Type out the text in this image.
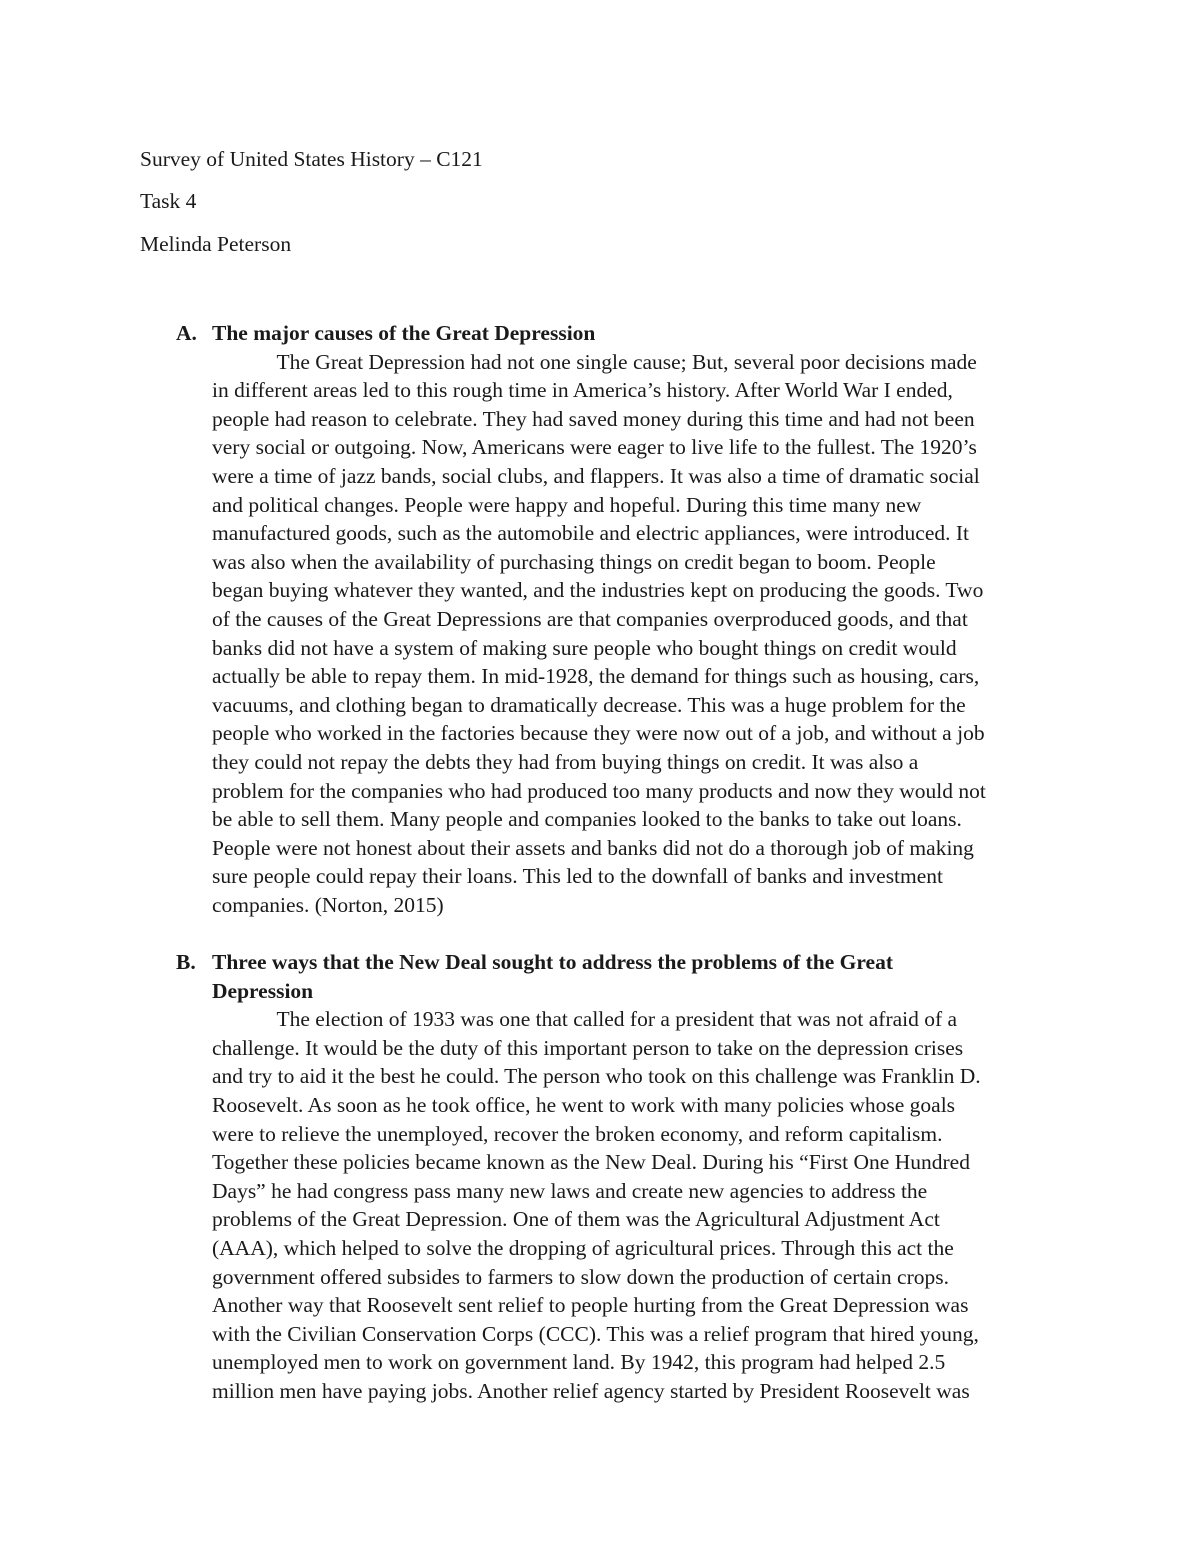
Survey of United States History – C121
Task 4
Melinda Peterson
A. The major causes of the Great Depression

The Great Depression had not one single cause; But, several poor decisions made
in different areas led to this rough time in America’s history. After World War I ended,
people had reason to celebrate. They had saved money during this time and had not been
very social or outgoing. Now, Americans were eager to live life to the fullest. The 1920’s
were a time of jazz bands, social clubs, and flappers. It was also a time of dramatic social
and political changes. People were happy and hopeful. During this time many new
manufactured goods, such as the automobile and electric appliances, were introduced. It
was also when the availability of purchasing things on credit began to boom. People
began buying whatever they wanted, and the industries kept on producing the goods. Two
of the causes of the Great Depressions are that companies overproduced goods, and that
banks did not have a system of making sure people who bought things on credit would
actually be able to repay them. In mid-1928, the demand for things such as housing, cars,
vacuums, and clothing began to dramatically decrease. This was a huge problem for the
people who worked in the factories because they were now out of a job, and without a job
they could not repay the debts they had from buying things on credit. It was also a
problem for the companies who had produced too many products and now they would not
be able to sell them. Many people and companies looked to the banks to take out loans.
People were not honest about their assets and banks did not do a thorough job of making
sure people could repay their loans. This led to the downfall of banks and investment
companies. (Norton, 2015)

B. Three ways that the New Deal sought to address the problems of the Great

Depression

The election of 1933 was one that called for a president that was not afraid of a
challenge. It would be the duty of this important person to take on the depression crises
and try to aid it the best he could. The person who took on this challenge was Franklin D.
Roosevelt. As soon as he took office, he went to work with many policies whose goals
were to relieve the unemployed, recover the broken economy, and reform capitalism.
Together these policies became known as the New Deal. During his “First One Hundred
Days” he had congress pass many new laws and create new agencies to address the
problems of the Great Depression. One of them was the Agricultural Adjustment Act
(AAA), which helped to solve the dropping of agricultural prices. Through this act the
government offered subsides to farmers to slow down the production of certain crops.
Another way that Roosevelt sent relief to people hurting from the Great Depression was
with the Civilian Conservation Corps (CCC). This was a relief program that hired young,
unemployed men to work on government land. By 1942, this program had helped 2.5
million men have paying jobs. Another relief agency started by President Roosevelt was
